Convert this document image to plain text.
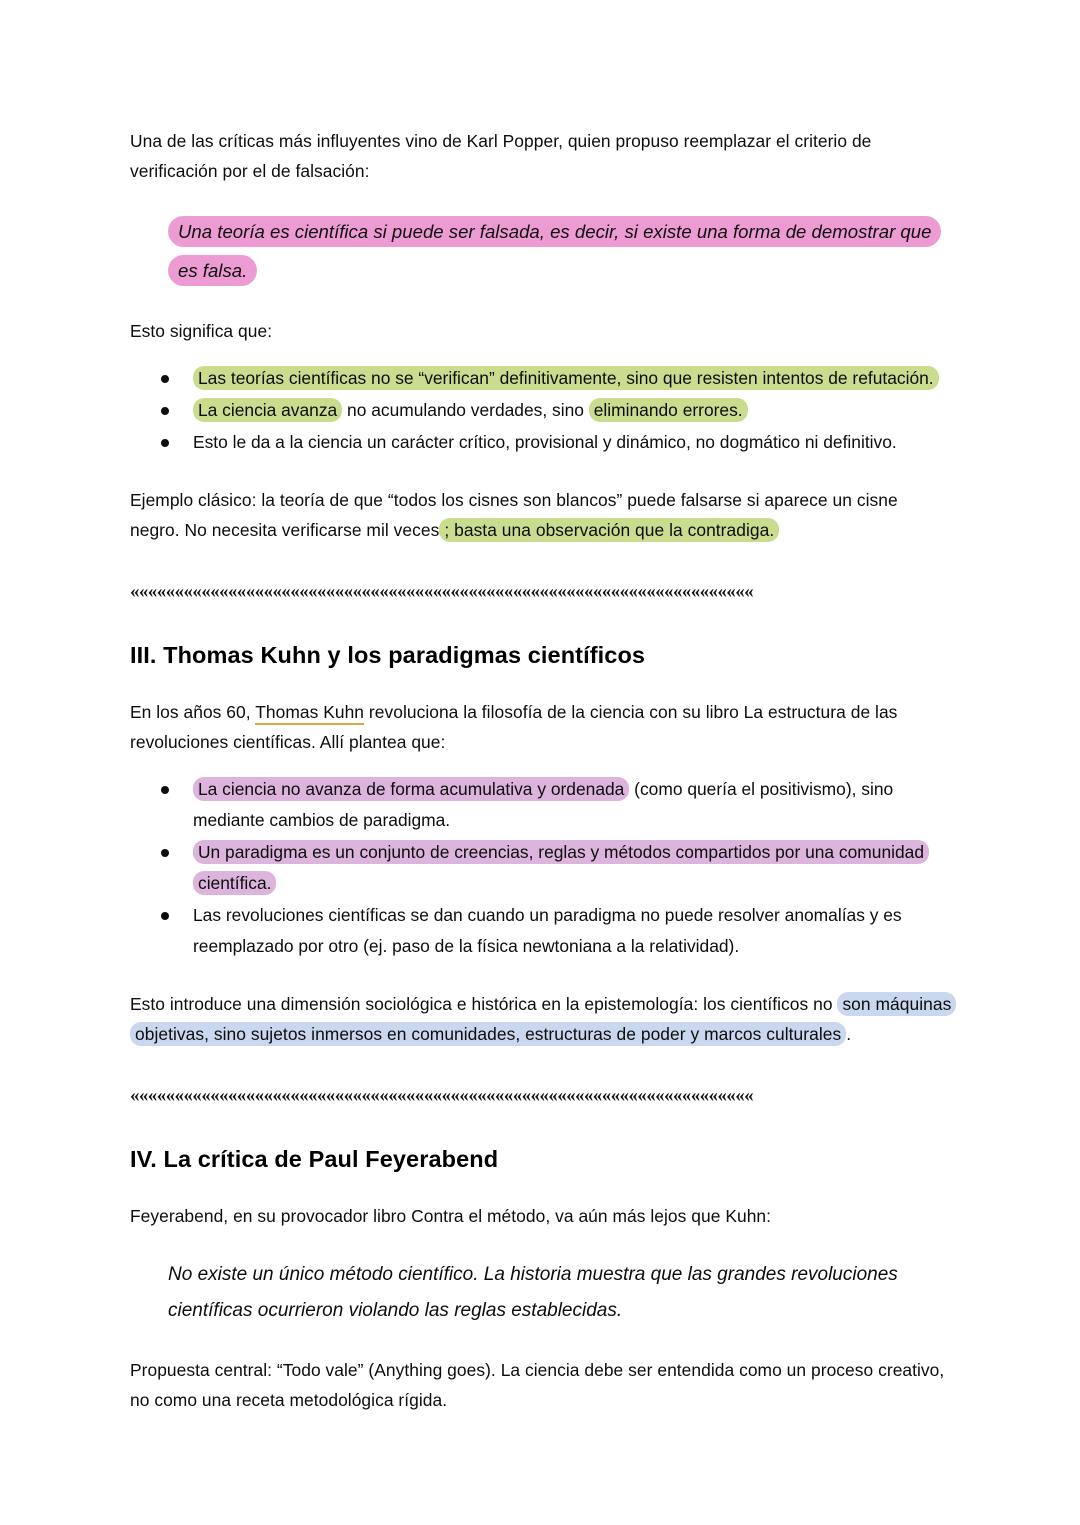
Una de las críticas más influyentes vino de Karl Popper, quien propuso reemplazar el criterio de verificación por el de falsación:

Una teoría es científica si puede ser falsada, es decir, si existe una forma de demostrar que es falsa.

Esto significa que:

Las teorías científicas no se “verifican” definitivamente, sino que resisten intentos de refutación.
La ciencia avanza no acumulando verdades, sino eliminando errores.
Esto le da a la ciencia un carácter crítico, provisional y dinámico, no dogmático ni definitivo.

Ejemplo clásico: la teoría de que “todos los cisnes son blancos” puede falsarse si aparece un cisne negro. No necesita verificarse mil veces ; basta una observación que la contradiga.

««««««««««««««««««««««««««««««««««««««««««««««««««««««««««««««««««««««
III. Thomas Kuhn y los paradigmas científicos

En los años 60, Thomas Kuhn revoluciona la filosofía de la ciencia con su libro La estructura de las revoluciones científicas. Allí plantea que:

La ciencia no avanza de forma acumulativa y ordenada (como quería el positivismo), sino mediante cambios de paradigma.
Un paradigma es un conjunto de creencias, reglas y métodos compartidos por una comunidad científica.
Las revoluciones científicas se dan cuando un paradigma no puede resolver anomalías y es reemplazado por otro (ej. paso de la física newtoniana a la relatividad).

Esto introduce una dimensión sociológica e histórica en la epistemología: los científicos no son máquinas objetivas, sino sujetos inmersos en comunidades, estructuras de poder y marcos culturales .

««««««««««««««««««««««««««««««««««««««««««««««««««««««««««««««««««««««
IV. La crítica de Paul Feyerabend

Feyerabend, en su provocador libro Contra el método, va aún más lejos que Kuhn:

No existe un único método científico. La historia muestra que las grandes revoluciones científicas ocurrieron violando las reglas establecidas.

Propuesta central: “Todo vale” (Anything goes). La ciencia debe ser entendida como un proceso creativo, no como una receta metodológica rígida.
